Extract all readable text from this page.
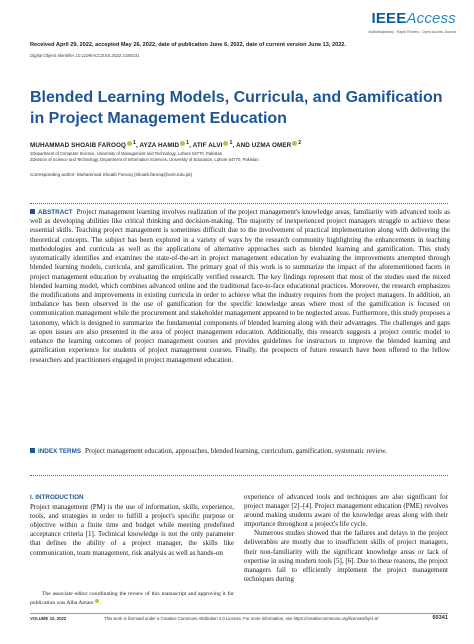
IEEEAccess
Multidisciplinary : Rapid Review : Open Access Journal
Received April 29, 2022, accepted May 26, 2022, date of publication June 6, 2022, date of current version June 13, 2022.
Digital Object Identifier 10.1109/ACCESS.2022.3180331
Blended Learning Models, Curricula, and Gamification in Project Management Education
MUHAMMAD SHOAIB FAROOQ $^1$, AYZA HAMID $^1$, ATIF ALVI $^1$, AND UZMA OMER $^2$
1Department of Computer Science, University of Management and Technology, Lahore 54770, Pakistan
2Division of Science and Technology, Department of Information Sciences, University of Education, Lahore 54770, Pakistan
Corresponding author: Muhammad Shoaib Farooq (shoaib.farooq@umt.edu.pk)

ABSTRACT Project management learning involves realization of the project management's knowledge areas, familiarity with advanced tools as well as developing abilities like critical thinking and decision-making. The majority of inexperienced project managers struggle to achieve these essential skills. Teaching project management is sometimes difficult due to the involvement of practical implementation along with delivering the theoretical concepts. The subject has been explored in a variety of ways by the research community highlighting the enhancements in teaching methodologies and curricula as well as the applications of alternative approaches such as blended learning and gamification. This study systematically identifies and examines the state-of-the-art in project management education by evaluating the improvements attempted through blended learning models, curricula, and gamification. The primary goal of this work is to summarize the impact of the aforementioned facets in project management education by evaluating the empirically verified research. The key findings represent that most of the studies used the mixed blended learning model, which combines advanced online and the traditional face-to-face educational practices. Moreover, the research emphasizes the modifications and improvements in existing curricula in order to achieve what the industry requires from the project managers. In addition, an imbalance has been observed in the use of gamification for the specific knowledge areas where most of the gamification is focused on communication management while the procurement and stakeholder management appeared to be neglected areas. Furthermore, this study proposes a taxonomy, which is designed to summarize the fundamental components of blended learning along with their advantages. The challenges and gaps as open issues are also presented in the area of project management education. Additionally, this research suggests a project centric model to enhance the learning outcomes of project management courses and provides guidelines for instructors to improve the blended learning and gamification experience for students of project management courses. Finally, the prospects of future research have been offered to the fellow researchers and practitioners engaged in project management education.

INDEX TERMS Project management education, approaches, blended learning, curriculum, gamification, systematic review.

I. INTRODUCTION

Project management (PM) is the use of information, skills, experience, tools, and strategies in order to fulfill a project's specific purpose or objective within a finite time and budget while meeting predefined acceptance criteria [1]. Technical knowledge is not the only parameter that defines the ability of a project manager, the skills like communication, team management, risk analysis as well as hands-on

The associate editor coordinating the review of this manuscript and approving it for publication was Alba Amato .

experience of advanced tools and techniques are also significant for project manager [2]–[4]. Project management education (PME) revolves around making students aware of the knowledge areas along with their importance throughout a project's life cycle.

Numerous studies showed that the failures and delays in the project deliverables are mostly due to insufficient skills of project managers, their non-familiarity with the significant knowledge areas or lack of expertise in using modern tools [5], [6]. Due to these reasons, the project managers fail to efficiently implement the project management techniques during

VOLUME 10, 2022	This work is licensed under a Creative Commons Attribution 4.0 License. For more information, see https://creativecommons.org/licenses/by/4.0/	60341
